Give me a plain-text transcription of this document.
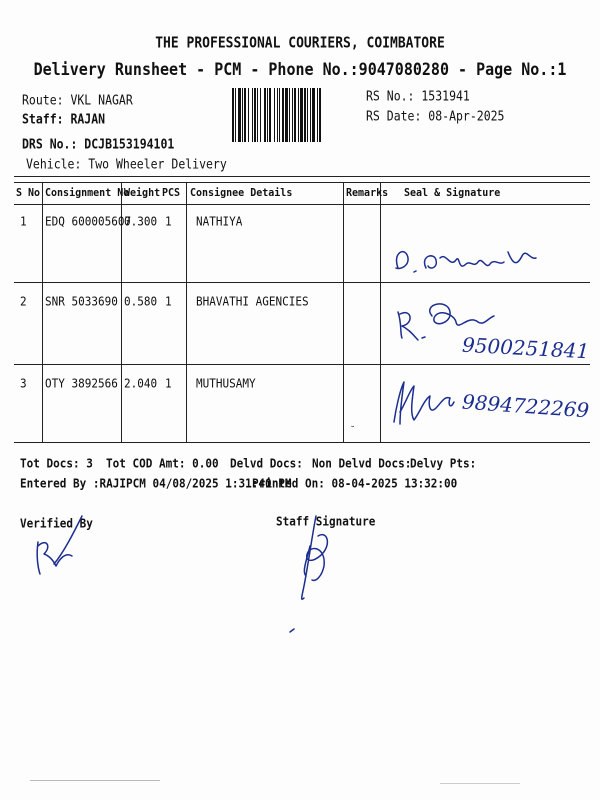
THE PROFESSIONAL COURIERS, COIMBATORE
Delivery Runsheet - PCM - Phone No.:9047080280 - Page No.:1
Route: VKL NAGAR
Staff: RAJAN
DRS No.: DCJB153194101
Vehicle: Two Wheeler Delivery
RS No.: 1531941
RS Date: 08-Apr-2025
S No Consignment No
Weight PCS Consignee Details	Remarks Seal & Signature
1 EDQ 600005607
0.300 1 NATHIYA
2 SNR 5033690 0.580 1 BHAVATHI AGENCIES
9500251841
3 OTY 3892566 2.040 1 MUTHUSAMY
9894722269
˘
Tot Docs: 3 Tot COD Amt: 0.00 Delvd Docs: Non Delvd Docs:
Delvy Pts:
Entered By :RAJIPCM 04/08/2025 1:31:40 PM
Printed On: 08-04-2025 13:32:00
Verified By	Staff Signature
